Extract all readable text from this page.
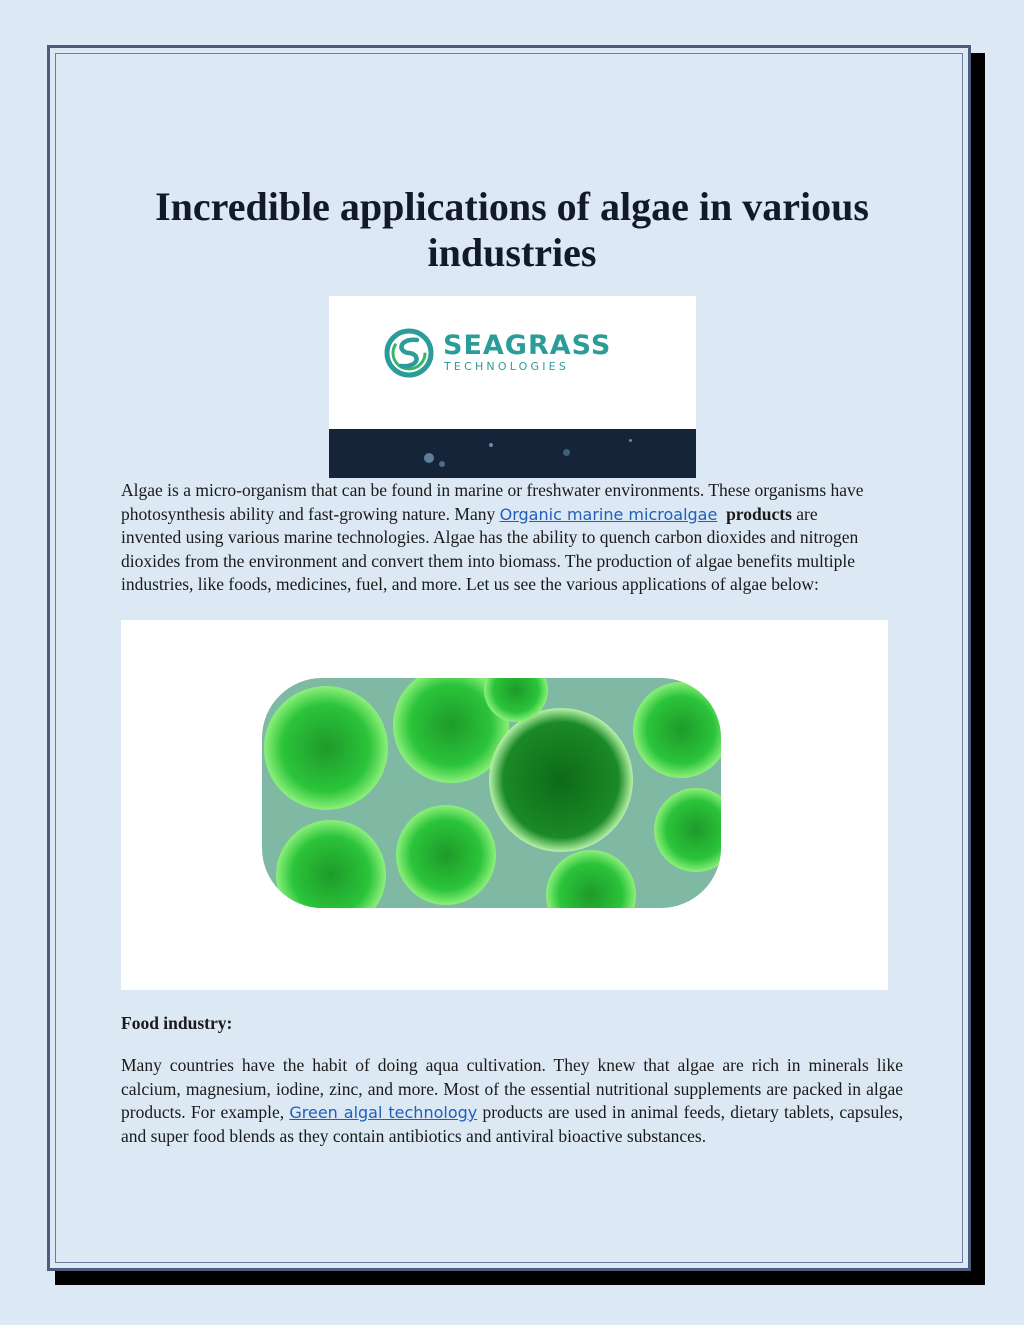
Incredible applications of algae in various industries
SEAGRASS
TECHNOLOGIES

Algae is a micro-organism that can be found in marine or freshwater environments. These organisms have photosynthesis ability and fast-growing nature. Many Organic marine microalgae products are invented using various marine technologies. Algae has the ability to quench carbon dioxides and nitrogen dioxides from the environment and convert them into biomass. The production of algae benefits multiple industries, like foods, medicines, fuel, and more. Let us see the various applications of algae below:

Food industry:

Many countries have the habit of doing aqua cultivation. They knew that algae are rich in minerals like calcium, magnesium, iodine, zinc, and more. Most of the essential nutritional supplements are packed in algae products. For example, Green algal technology products are used in animal feeds, dietary tablets, capsules, and super food blends as they contain antibiotics and antiviral bioactive substances.
